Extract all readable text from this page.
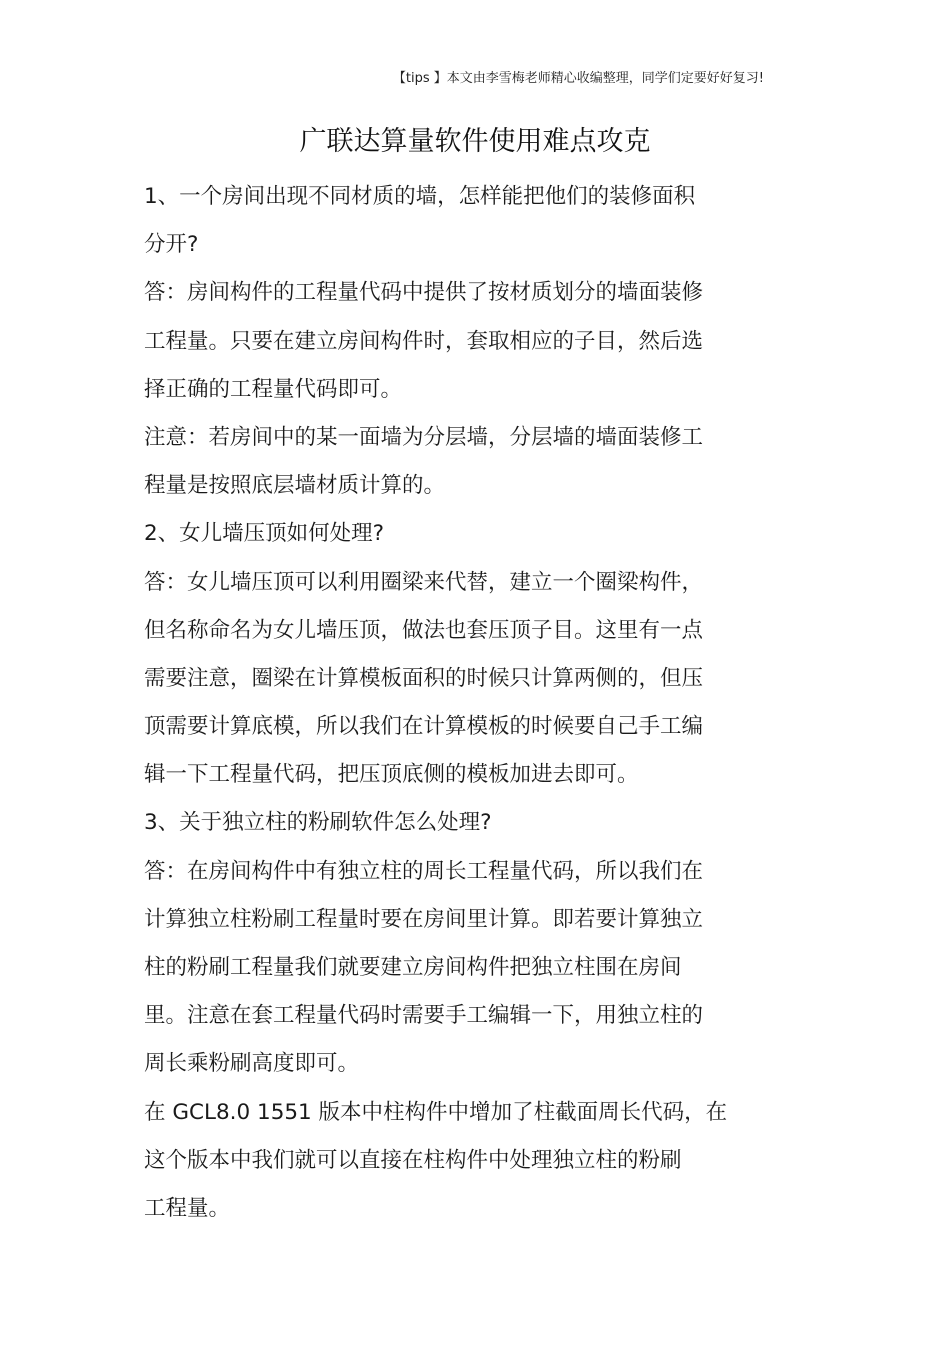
【tips 】本文由李雪梅老师精心收编整理，同学们定要好好复习!
广联达算量软件使用难点攻克
1、一个房间出现不同材质的墙，怎样能把他们的装修面积
分开?
答：房间构件的工程量代码中提供了按材质划分的墙面装修
工程量。只要在建立房间构件时，套取相应的子目，然后选
择正确的工程量代码即可。
注意：若房间中的某一面墙为分层墙，分层墙的墙面装修工
程量是按照底层墙材质计算的。
2、女儿墙压顶如何处理?
答：女儿墙压顶可以利用圈梁来代替，建立一个圈梁构件，
但名称命名为女儿墙压顶，做法也套压顶子目。这里有一点
需要注意，圈梁在计算模板面积的时候只计算两侧的，但压
顶需要计算底模，所以我们在计算模板的时候要自己手工编
辑一下工程量代码，把压顶底侧的模板加进去即可。
3、关于独立柱的粉刷软件怎么处理?
答：在房间构件中有独立柱的周长工程量代码，所以我们在
计算独立柱粉刷工程量时要在房间里计算。即若要计算独立
柱的粉刷工程量我们就要建立房间构件把独立柱围在房间
里。注意在套工程量代码时需要手工编辑一下，用独立柱的
周长乘粉刷高度即可。
在 GCL8.0 1551 版本中柱构件中增加了柱截面周长代码，在
这个版本中我们就可以直接在柱构件中处理独立柱的粉刷
工程量。
